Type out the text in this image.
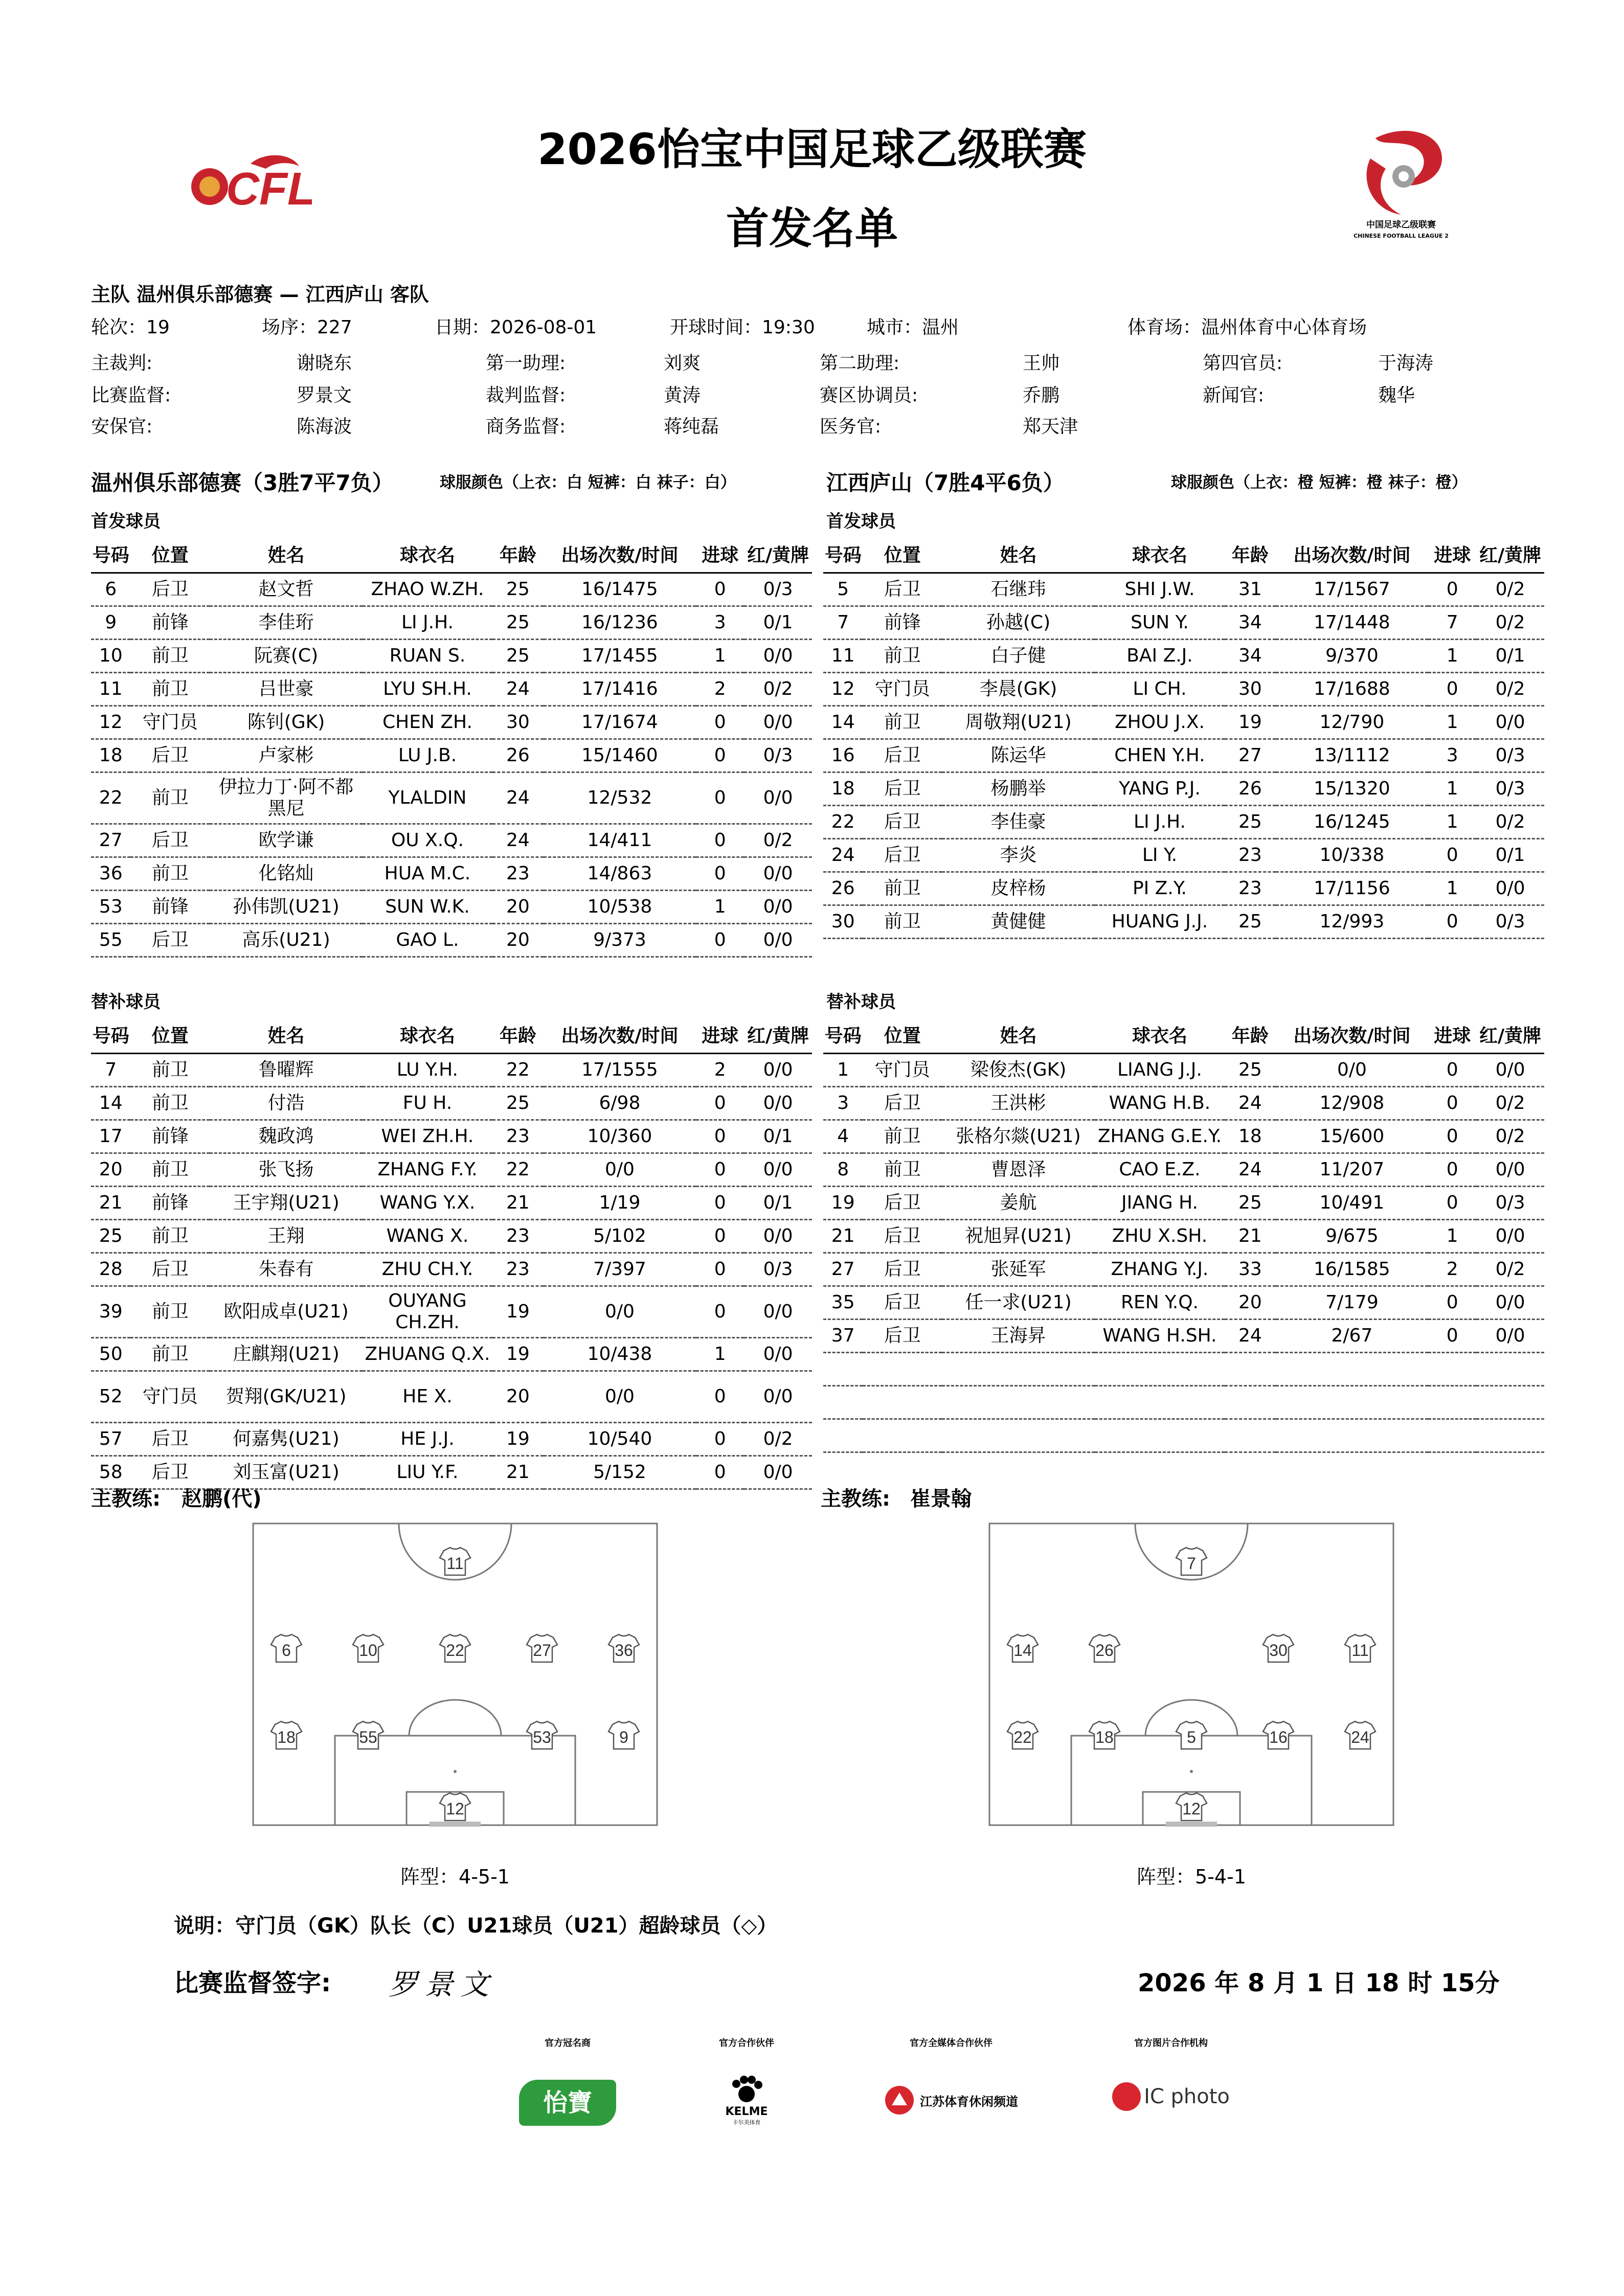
CFL
中国足球乙级联赛
CHINESE FOOTBALL LEAGUE 2
2026怡宝中国足球乙级联赛
首发名单
主队 温州俱乐部德赛 — 江西庐山 客队
轮次：19	场序：227	日期：2026-08-01	开球时间：19:30	城市：温州	体育场：温州体育中心体育场
主裁判:	谢晓东	第一助理:	刘爽	第二助理:	王帅	第四官员:	于海涛
比赛监督:	罗景文	裁判监督:	黄涛	赛区协调员:	乔鹏	新闻官:	魏华
安保官:	陈海波	商务监督:	蒋纯磊	医务官:	郑天津
温州俱乐部德赛（3胜7平7负）	球服颜色（上衣：白 短裤：白 袜子：白）	江西庐山（7胜4平6负）	球服颜色（上衣：橙 短裤：橙 袜子：橙）
首发球员	首发球员
号码	位置	姓名	球衣名	年龄	出场次数/时间	进球	红/黄牌
6	后卫	赵文哲	ZHAO W.ZH.	25	16/1475	0	0/3
9	前锋	李佳珩	LI J.H.	25	16/1236	3	0/1
10	前卫	阮赛(C)	RUAN S.	25	17/1455	1	0/0
11	前卫	吕世豪	LYU SH.H.	24	17/1416	2	0/2
12	守门员	陈钊(GK)	CHEN ZH.	30	17/1674	0	0/0
18	后卫	卢家彬	LU J.B.	26	15/1460	0	0/3
22	前卫	伊拉力丁·阿不都黑尼	YLALDIN	24	12/532	0	0/0
27	后卫	欧学谦	OU X.Q.	24	14/411	0	0/2
36	前卫	化铭灿	HUA M.C.	23	14/863	0	0/0
53	前锋	孙伟凯(U21)	SUN W.K.	20	10/538	1	0/0
55	后卫	高乐(U21)	GAO L.	20	9/373	0	0/0
号码	位置	姓名	球衣名	年龄	出场次数/时间	进球	红/黄牌
5	后卫	石继玮	SHI J.W.	31	17/1567	0	0/2
7	前锋	孙越(C)	SUN Y.	34	17/1448	7	0/2
11	前卫	白子健	BAI Z.J.	34	9/370	1	0/1
12	守门员	李晨(GK)	LI CH.	30	17/1688	0	0/2
14	前卫	周敬翔(U21)	ZHOU J.X.	19	12/790	1	0/0
16	后卫	陈运华	CHEN Y.H.	27	13/1112	3	0/3
18	后卫	杨鹏举	YANG P.J.	26	15/1320	1	0/3
22	后卫	李佳豪	LI J.H.	25	16/1245	1	0/2
24	后卫	李炎	LI Y.	23	10/338	0	0/1
26	前卫	皮梓杨	PI Z.Y.	23	17/1156	1	0/0
30	前卫	黄健健	HUANG J.J.	25	12/993	0	0/3
替补球员	替补球员
号码	位置	姓名	球衣名	年龄	出场次数/时间	进球	红/黄牌
7	前卫	鲁曜辉	LU Y.H.	22	17/1555	2	0/0
14	前卫	付浩	FU H.	25	6/98	0	0/0
17	前锋	魏政鸿	WEI ZH.H.	23	10/360	0	0/1
20	前卫	张飞扬	ZHANG F.Y.	22	0/0	0	0/0
21	前锋	王宇翔(U21)	WANG Y.X.	21	1/19	0	0/1
25	前卫	王翔	WANG X.	23	5/102	0	0/0
28	后卫	朱春有	ZHU CH.Y.	23	7/397	0	0/3
39	前卫	欧阳成卓(U21)	OUYANG CH.ZH.	19	0/0	0	0/0
50	前卫	庄麒翔(U21)	ZHUANG Q.X.	19	10/438	1	0/0
52	守门员	贺翔(GK/U21)	HE X.	20	0/0	0	0/0
57	后卫	何嘉隽(U21)	HE J.J.	19	10/540	0	0/2
58	后卫	刘玉富(U21)	LIU Y.F.	21	5/152	0	0/0
号码	位置	姓名	球衣名	年龄	出场次数/时间	进球	红/黄牌
1	守门员	梁俊杰(GK)	LIANG J.J.	25	0/0	0	0/0
3	后卫	王洪彬	WANG H.B.	24	12/908	0	0/2
4	前卫	张格尔燚(U21)	ZHANG G.E.Y.	18	15/600	0	0/2
8	前卫	曹恩泽	CAO E.Z.	24	11/207	0	0/0
19	后卫	姜航	JIANG H.	25	10/491	0	0/3
21	后卫	祝旭昇(U21)	ZHU X.SH.	21	9/675	1	0/0
27	后卫	张延军	ZHANG Y.J.	33	16/1585	2	0/2
35	后卫	任一求(U21)	REN Y.Q.	20	7/179	0	0/0
37	后卫	王海昇	WANG H.SH.	24	2/67	0	0/0

主教练: 赵鹏(代)	主教练: 崔景翰
11
6	10	22	27	36
18	55	53	9
12
7
14	26	30	11
22	18	5	16	24
12
阵型：4-5-1	阵型：5-4-1
说明：守门员（GK）队长（C）U21球员（U21）超龄球员（◇）
比赛监督签字: 罗景文	2026 年 8 月 1 日 18 时 15分
官方冠名商
怡寶
官方合作伙伴
KELME
卡尔美体育
官方全媒体合作伙伴
江苏体育休闲频道
官方图片合作机构
IC photo
